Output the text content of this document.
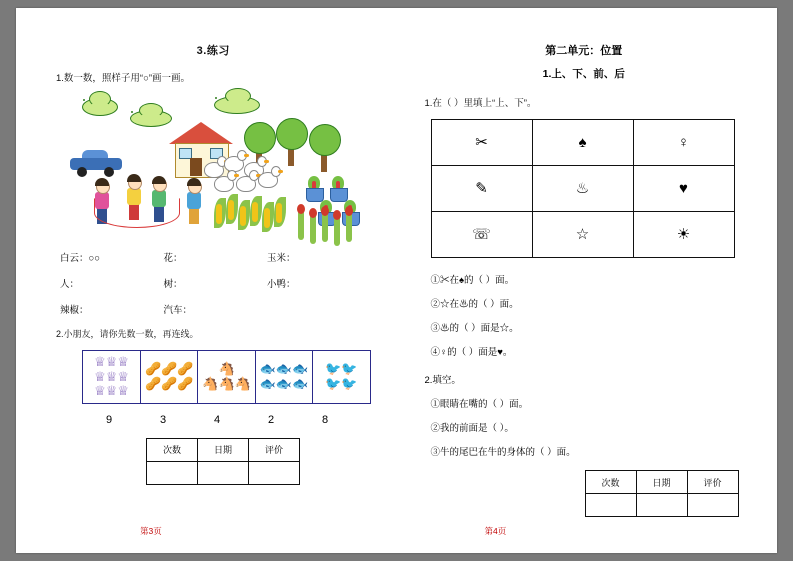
3.练习
1.数一数，照样子用“○”画一画。
白云：○○	花：	玉米：
人：	树：	小鸭：
辣椒：	汽车：
2.小朋友，请你先数一数，再连线。
♕♕♕
♕♕♕
♕♕♕

🥜🥜🥜
🥜🥜🥜

🐴
🐴🐴🐴

🐟🐟🐟
🐟🐟🐟

🐦🐦
🐦🐦
9	3	4	2	8
次数	日期	评价

第二单元：位置
1.上、下、前、后
1.在（ ）里填上“上、下”。
✂	♠	♀
✎	♨	♥
☏	☆	☀
①✂在♠的（ ）面。
②☆在♨的（ ）面。
③♨的（ ）面是☆。
④♀的（ ）面是♥。
2.填空。
①眼睛在嘴的（ ）面。
②我的前面是（ ）。
③牛的尾巴在牛的身体的（ ）面。
次数	日期	评价

第3页	第4页
